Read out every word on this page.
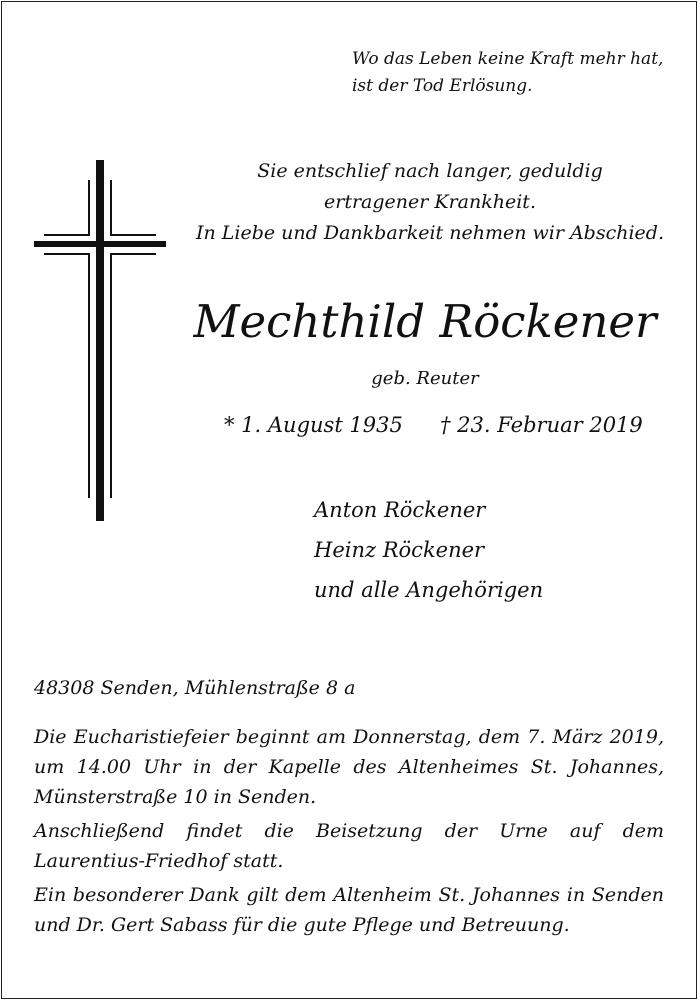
Wo das Leben keine Kraft mehr hat,
ist der Tod Erlösung.
Sie entschlief nach langer, geduldig
ertragener Krankheit.
In Liebe und Dankbarkeit nehmen wir Abschied.
Mechthild Röckener
geb. Reuter
* 1. August 1935 † 23. Februar 2019
Anton Röckener
Heinz Röckener
und alle Angehörigen
48308 Senden, Mühlenstraße 8 a

Die Eucharistiefeier beginnt am Donnerstag, dem 7. März 2019, um 14.00 Uhr in der Kapelle des Altenheimes St. Johannes, Münsterstraße 10 in Senden.

Anschließend findet die Beisetzung der Urne auf dem Laurentius-Friedhof statt.

Ein besonderer Dank gilt dem Altenheim St. Johannes in Senden und Dr. Gert Sabass für die gute Pflege und Betreuung.
